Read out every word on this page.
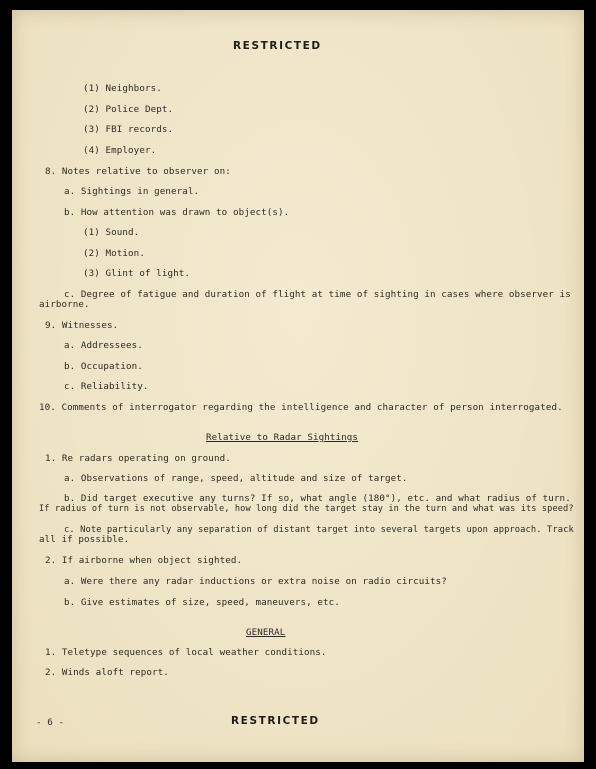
RESTRICTED
(1) Neighbors.
(2) Police Dept.
(3) FBI records.
(4) Employer.
8. Notes relative to observer on:
a. Sightings in general.
b. How attention was drawn to object(s).
(1) Sound.
(2) Motion.
(3) Glint of light.
c. Degree of fatigue and duration of flight at time of sighting in cases where observer is
airborne.
9. Witnesses.
a. Addressees.
b. Occupation.
c. Reliability.
10. Comments of interrogator regarding the intelligence and character of person interrogated.
Relative to Radar Sightings
1. Re radars operating on ground.
a. Observations of range, speed, altitude and size of target.
b. Did target executive any turns? If so, what angle (180°), etc. and what radius of turn.
If radius of turn is not observable, how long did the target stay in the turn and what was its speed?
c. Note particularly any separation of distant target into several targets upon approach. Track
all if possible.
2. If airborne when object sighted.
a. Were there any radar inductions or extra noise on radio circuits?
b. Give estimates of size, speed, maneuvers, etc.
GENERAL
1. Teletype sequences of local weather conditions.
2. Winds aloft report.
- 6 -	RESTRICTED
